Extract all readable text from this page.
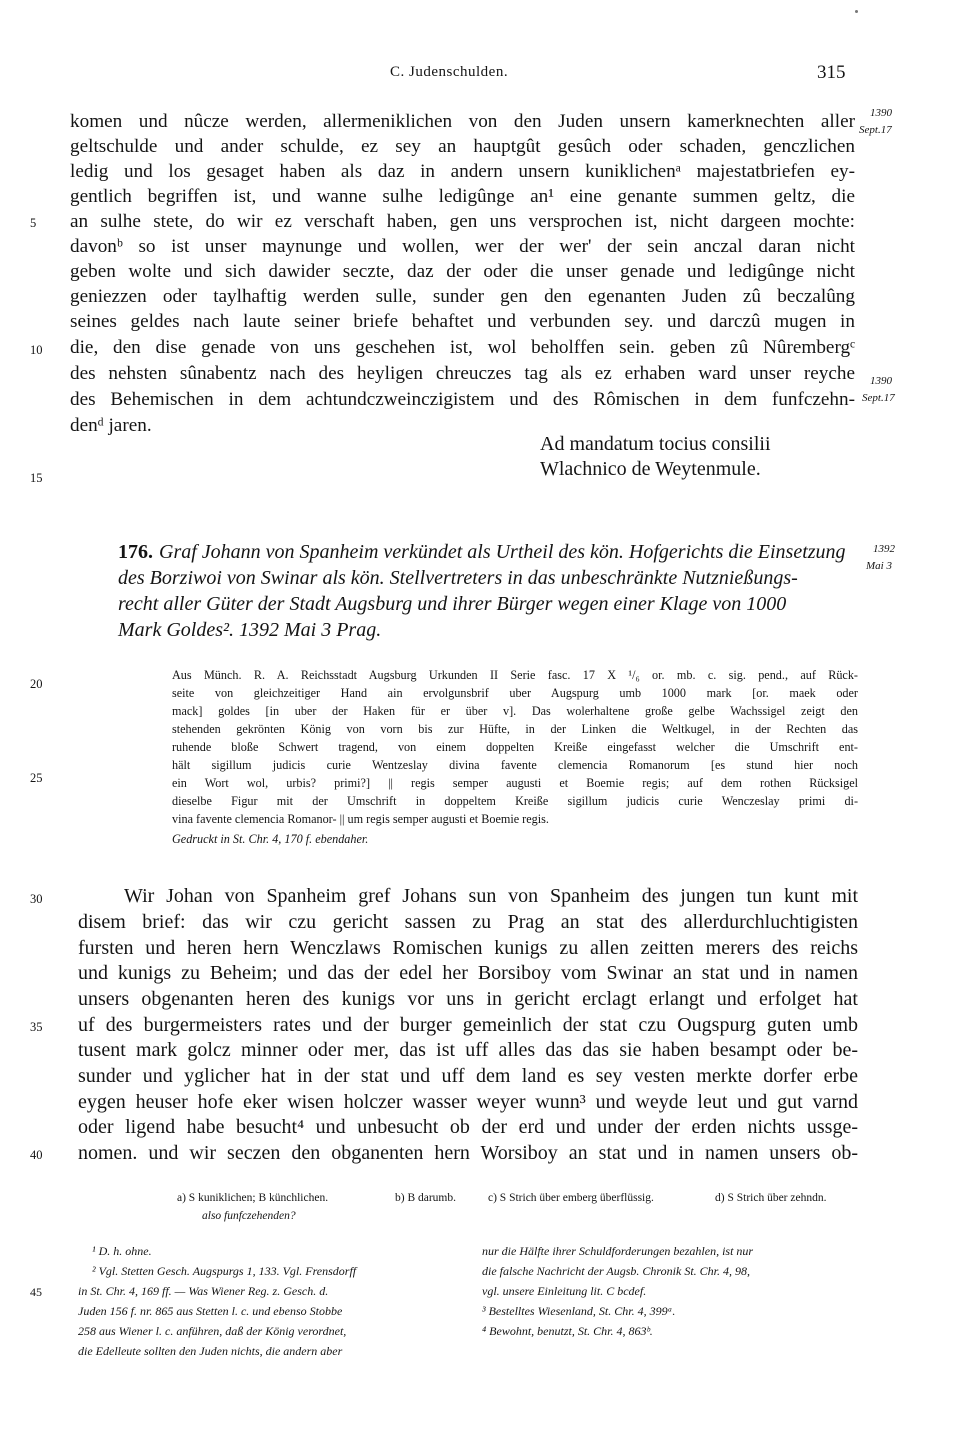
C. Judenschulden.	315
komen und nûcze werden, allermeniklichen von den Juden unsern kamerknechten aller
geltschulde und ander schulde, ez sey an hauptgût gesûch oder schaden, genczlichen
ledig und los gesaget haben als daz in andern unsern kuniklichenᵃ majestatbriefen ey-
gentlich begriffen ist, und wanne sulhe ledigûnge an¹ eine genante summen geltz, die
an sulhe stete, do wir ez verschaft haben, gen uns versprochen ist, nicht dargeen mochte:
davonᵇ so ist unser maynunge und wollen, wer der wer' der sein anczal daran nicht
geben wolte und sich dawider seczte, daz der oder die unser genade und ledigûnge nicht
geniezzen oder taylhaftig werden sulle, sunder gen den egenanten Juden zû beczalûng
seines geldes nach laute seiner briefe behaftet und verbunden sey. und darczû mugen in
die, den dise genade von uns geschehen ist, wol beholffen sein. geben zû Nûrembergᶜ
des nehsten sûnabentz nach des heyligen chreuczes tag als ez erhaben ward unser reyche
des Behemischen in dem achtundczweinczigistem und des Rômischen in dem funfczehn-
denᵈ jaren.
5
10
15
1390
Sept.17
1390
Sept.17
Ad mandatum tocius consilii
Wlachnico de Weytenmule.
176. Graf Johann von Spanheim verkündet als Urtheil des kön. Hofgerichts die Einsetzung
des Borziwoi von Swinar als kön. Stellvertreters in das unbeschränkte Nutznießungs-
recht aller Güter der Stadt Augsburg und ihrer Bürger wegen einer Klage von 1000
Mark Goldes². 1392 Mai 3 Prag.
1392
Mai 3
Aus Münch. R. A. Reichsstadt Augsburg Urkunden II Serie fasc. 17 X ¹/₆ or. mb. c. sig. pend., auf Rück-
seite von gleichzeitiger Hand ain ervolgunsbrif uber Augspurg umb 1000 mark [or. maek oder
mack] goldes [in uber der Haken für er über v]. Das wolerhaltene große gelbe Wachssigel zeigt den
stehenden gekrönten König von vorn bis zur Hüfte, in der Linken die Weltkugel, in der Rechten das
ruhende bloße Schwert tragend, von einem doppelten Kreiße eingefasst welcher die Umschrift ent-
hält sigillum judicis curie Wentzeslay divina favente clemencia Romanorum [es stund hier noch
ein Wort wol, urbis? primi?] || regis semper augusti et Boemie regis; auf dem rothen Rücksigel
dieselbe Figur mit der Umschrift in doppeltem Kreiße sigillum judicis curie Wenczeslay primi di-
vina favente clemencia Romanor- || um regis semper augusti et Boemie regis.
Gedruckt in St. Chr. 4, 170 f. ebendaher.
20
25
Wir Johan von Spanheim gref Johans sun von Spanheim des jungen tun kunt mit
disem brief: das wir czu gericht sassen zu Prag an stat des allerdurchluchtigisten
fursten und heren hern Wenczlaws Romischen kunigs zu allen zeitten merers des reichs
und kunigs zu Beheim; und das der edel her Borsiboy vom Swinar an stat und in namen
unsers obgenanten heren des kunigs vor uns in gericht erclagt erlangt und erfolget hat
uf des burgermeisters rates und der burger gemeinlich der stat czu Ougspurg guten umb
tusent mark golcz minner oder mer, das ist uff alles das das sie haben besampt oder be-
sunder und yglicher hat in der stat und uff dem land es sey vesten merkte dorfer erbe
eygen heuser hofe eker wisen holczer wasser weyer wunn³ und weyde leut und gut varnd
oder ligend habe besucht⁴ und unbesucht ob der erd und under der erden nichts ussge-
nomen. und wir seczen den obganenten hern Worsiboy an stat und in namen unsers ob-
30
35
40
a) S kuniklichen; B künchlichen.	b) B darumb.	c) S Strich über emberg überflüssig.	d) S Strich über zehndn.
also funfczehenden?
¹ D. h. ohne.
² Vgl. Stetten Gesch. Augspurgs 1, 133. Vgl. Frensdorff
in St. Chr. 4, 169 ff. — Was Wiener Reg. z. Gesch. d.
Juden 156 f. nr. 865 aus Stetten l. c. und ebenso Stobbe
258 aus Wiener l. c. anführen, daß der König verordnet,
die Edelleute sollten den Juden nichts, die andern aber
45
nur die Hälfte ihrer Schuldforderungen bezahlen, ist nur
die falsche Nachricht der Augsb. Chronik St. Chr. 4, 98,
vgl. unsere Einleitung lit. C bcdef.
³ Bestelltes Wiesenland, St. Chr. 4, 399ᵃ.
⁴ Bewohnt, benutzt, St. Chr. 4, 863ᵇ.
